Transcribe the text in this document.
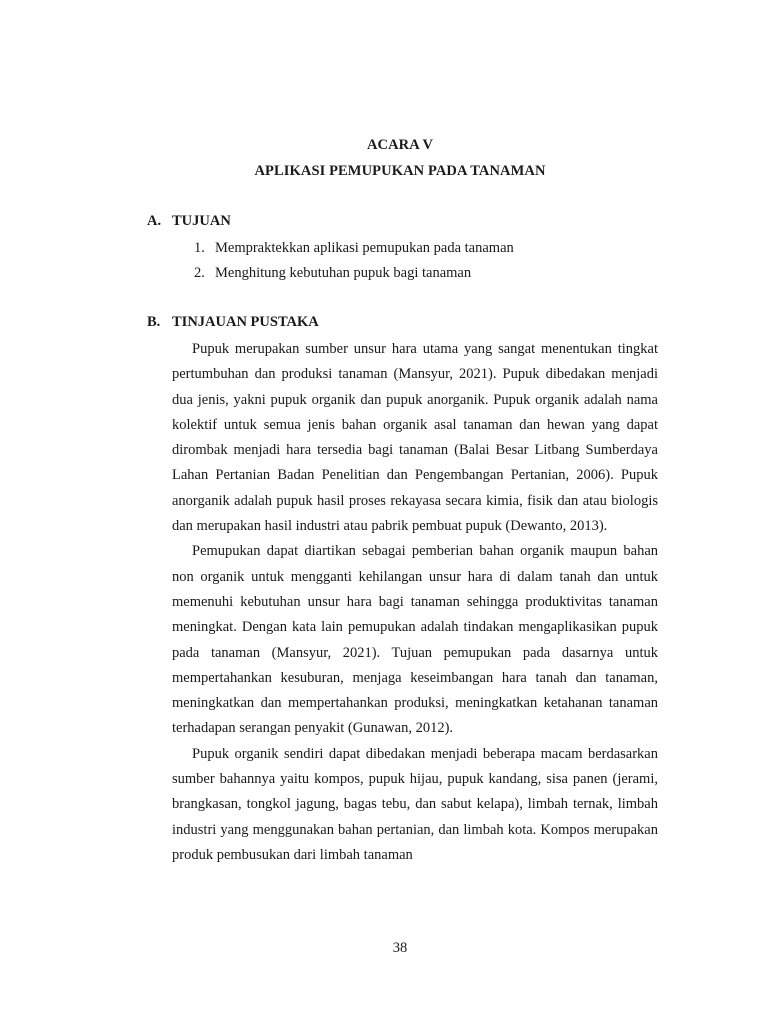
ACARA V
APLIKASI PEMUPUKAN PADA TANAMAN
A. TUJUAN
1. Mempraktekkan aplikasi pemupukan pada tanaman
2. Menghitung kebutuhan pupuk bagi tanaman
B. TINJAUAN PUSTAKA

Pupuk merupakan sumber unsur hara utama yang sangat menentukan tingkat pertumbuhan dan produksi tanaman (Mansyur, 2021). Pupuk dibedakan menjadi dua jenis, yakni pupuk organik dan pupuk anorganik. Pupuk organik adalah nama kolektif untuk semua jenis bahan organik asal tanaman dan hewan yang dapat dirombak menjadi hara tersedia bagi tanaman (Balai Besar Litbang Sumberdaya Lahan Pertanian Badan Penelitian dan Pengembangan Pertanian, 2006). Pupuk anorganik adalah pupuk hasil proses rekayasa secara kimia, fisik dan atau biologis dan merupakan hasil industri atau pabrik pembuat pupuk (Dewanto, 2013).

Pemupukan dapat diartikan sebagai pemberian bahan organik maupun bahan non organik untuk mengganti kehilangan unsur hara di dalam tanah dan untuk memenuhi kebutuhan unsur hara bagi tanaman sehingga produktivitas tanaman meningkat. Dengan kata lain pemupukan adalah tindakan mengaplikasikan pupuk pada tanaman (Mansyur, 2021). Tujuan pemupukan pada dasarnya untuk mempertahankan kesuburan, menjaga keseimbangan hara tanah dan tanaman, meningkatkan dan mempertahankan produksi, meningkatkan ketahanan tanaman terhadapan serangan penyakit (Gunawan, 2012).

Pupuk organik sendiri dapat dibedakan menjadi beberapa macam berdasarkan sumber bahannya yaitu kompos, pupuk hijau, pupuk kandang, sisa panen (jerami, brangkasan, tongkol jagung, bagas tebu, dan sabut kelapa), limbah ternak, limbah industri yang menggunakan bahan pertanian, dan limbah kota. Kompos merupakan produk pembusukan dari limbah tanaman

38
